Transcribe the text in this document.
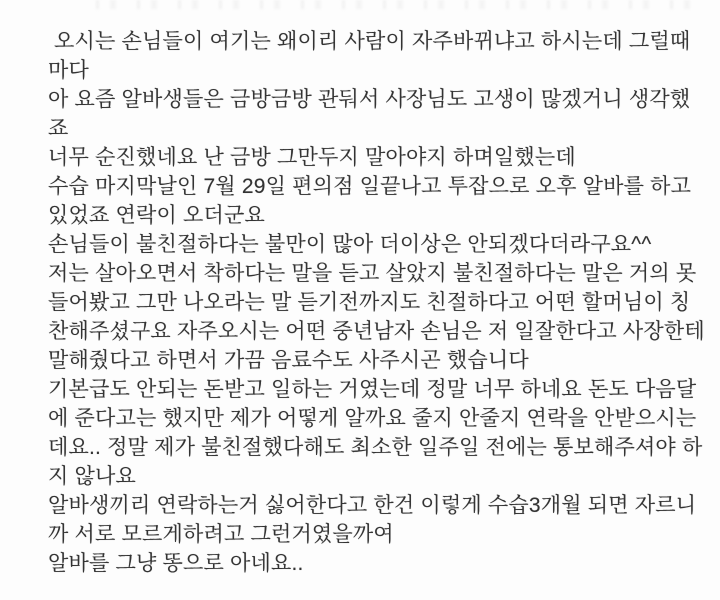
오시는 손님들이 여기는 왜이리 사람이 자주바뀌냐고 하시는데 그럴때
마다
아 요즘 알바생들은 금방금방 관둬서 사장님도 고생이 많겠거니 생각했
죠
너무 순진했네요 난 금방 그만두지 말아야지 하며일했는데
수습 마지막날인 7월 29일 편의점 일끝나고 투잡으로 오후 알바를 하고
있었죠 연락이 오더군요
손님들이 불친절하다는 불만이 많아 더이상은 안되겠다더라구요^^
저는 살아오면서 착하다는 말을 듣고 살았지 불친절하다는 말은 거의 못
들어봤고 그만 나오라는 말 듣기전까지도 친절하다고 어떤 할머님이 칭
찬해주셨구요 자주오시는 어떤 중년남자 손님은 저 일잘한다고 사장한테
말해줬다고 하면서 가끔 음료수도 사주시곤 했습니다
기본급도 안되는 돈받고 일하는 거였는데 정말 너무 하네요 돈도 다음달
에 준다고는 했지만 제가 어떻게 알까요 줄지 안줄지 연락을 안받으시는
데요.. 정말 제가 불친절했다해도 최소한 일주일 전에는 통보해주셔야 하
지 않나요
알바생끼리 연락하는거 싫어한다고 한건 이렇게 수습3개월 되면 자르니
까 서로 모르게하려고 그런거였을까여
알바를 그냥 똥으로 아네요..
